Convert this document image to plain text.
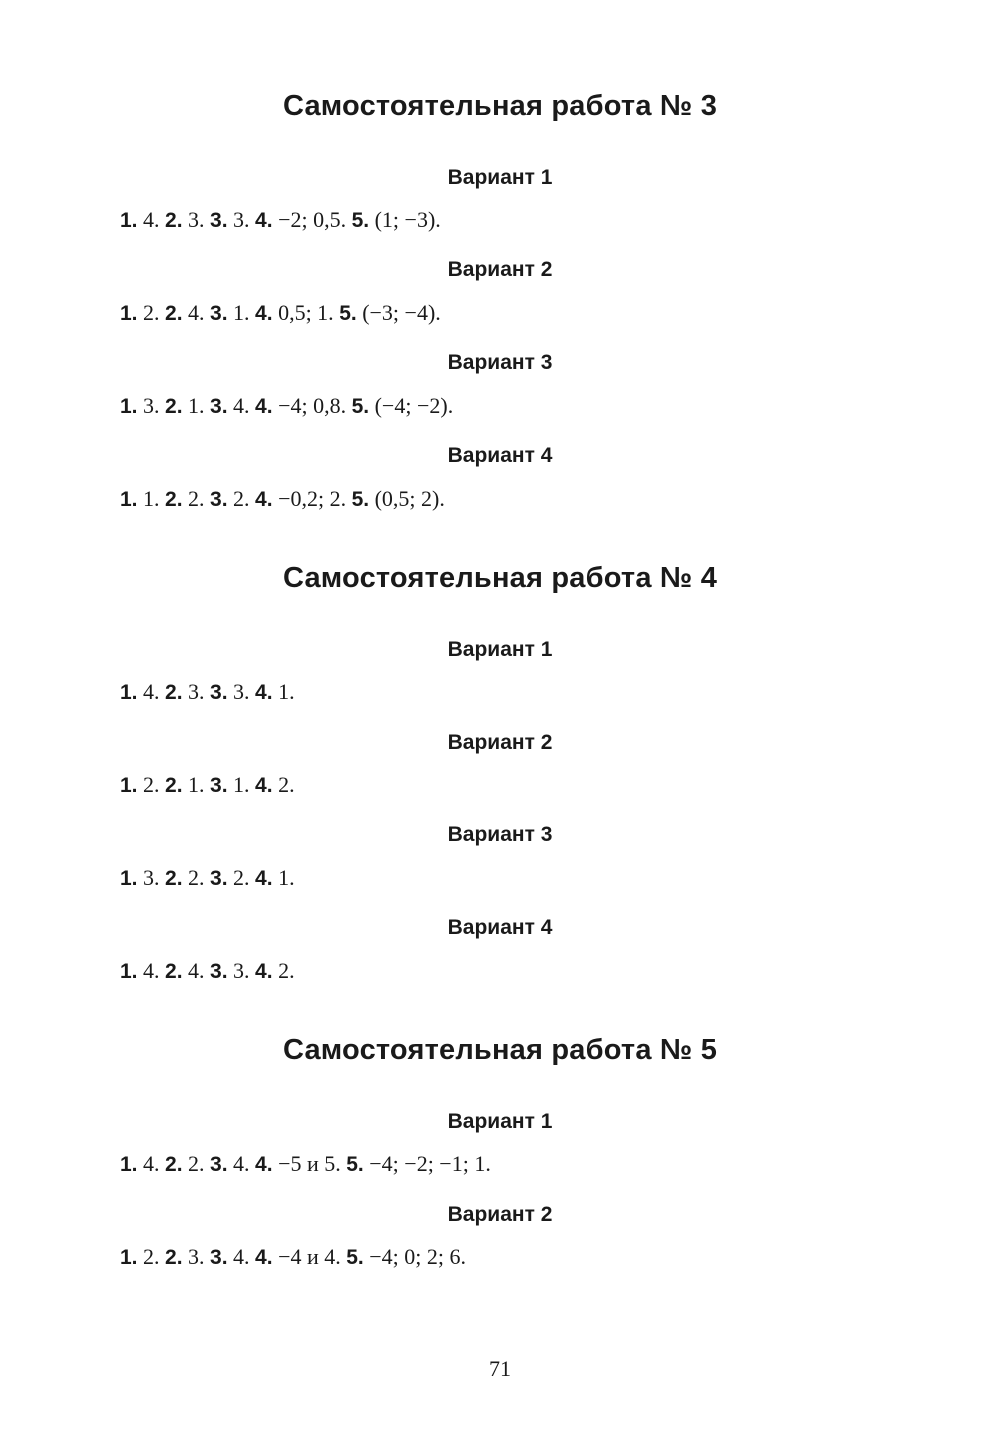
Самостоятельная работа № 3
Вариант 1
1. 4. 2. 3. 3. 3. 4. −2; 0,5. 5. (1; −3).
Вариант 2
1. 2. 2. 4. 3. 1. 4. 0,5; 1. 5. (−3; −4).
Вариант 3
1. 3. 2. 1. 3. 4. 4. −4; 0,8. 5. (−4; −2).
Вариант 4
1. 1. 2. 2. 3. 2. 4. −0,2; 2. 5. (0,5; 2).
Самостоятельная работа № 4
Вариант 1
1. 4. 2. 3. 3. 3. 4. 1.
Вариант 2
1. 2. 2. 1. 3. 1. 4. 2.
Вариант 3
1. 3. 2. 2. 3. 2. 4. 1.
Вариант 4
1. 4. 2. 4. 3. 3. 4. 2.
Самостоятельная работа № 5
Вариант 1
1. 4. 2. 2. 3. 4. 4. −5 и 5. 5. −4; −2; −1; 1.
Вариант 2
1. 2. 2. 3. 3. 4. 4. −4 и 4. 5. −4; 0; 2; 6.
71
